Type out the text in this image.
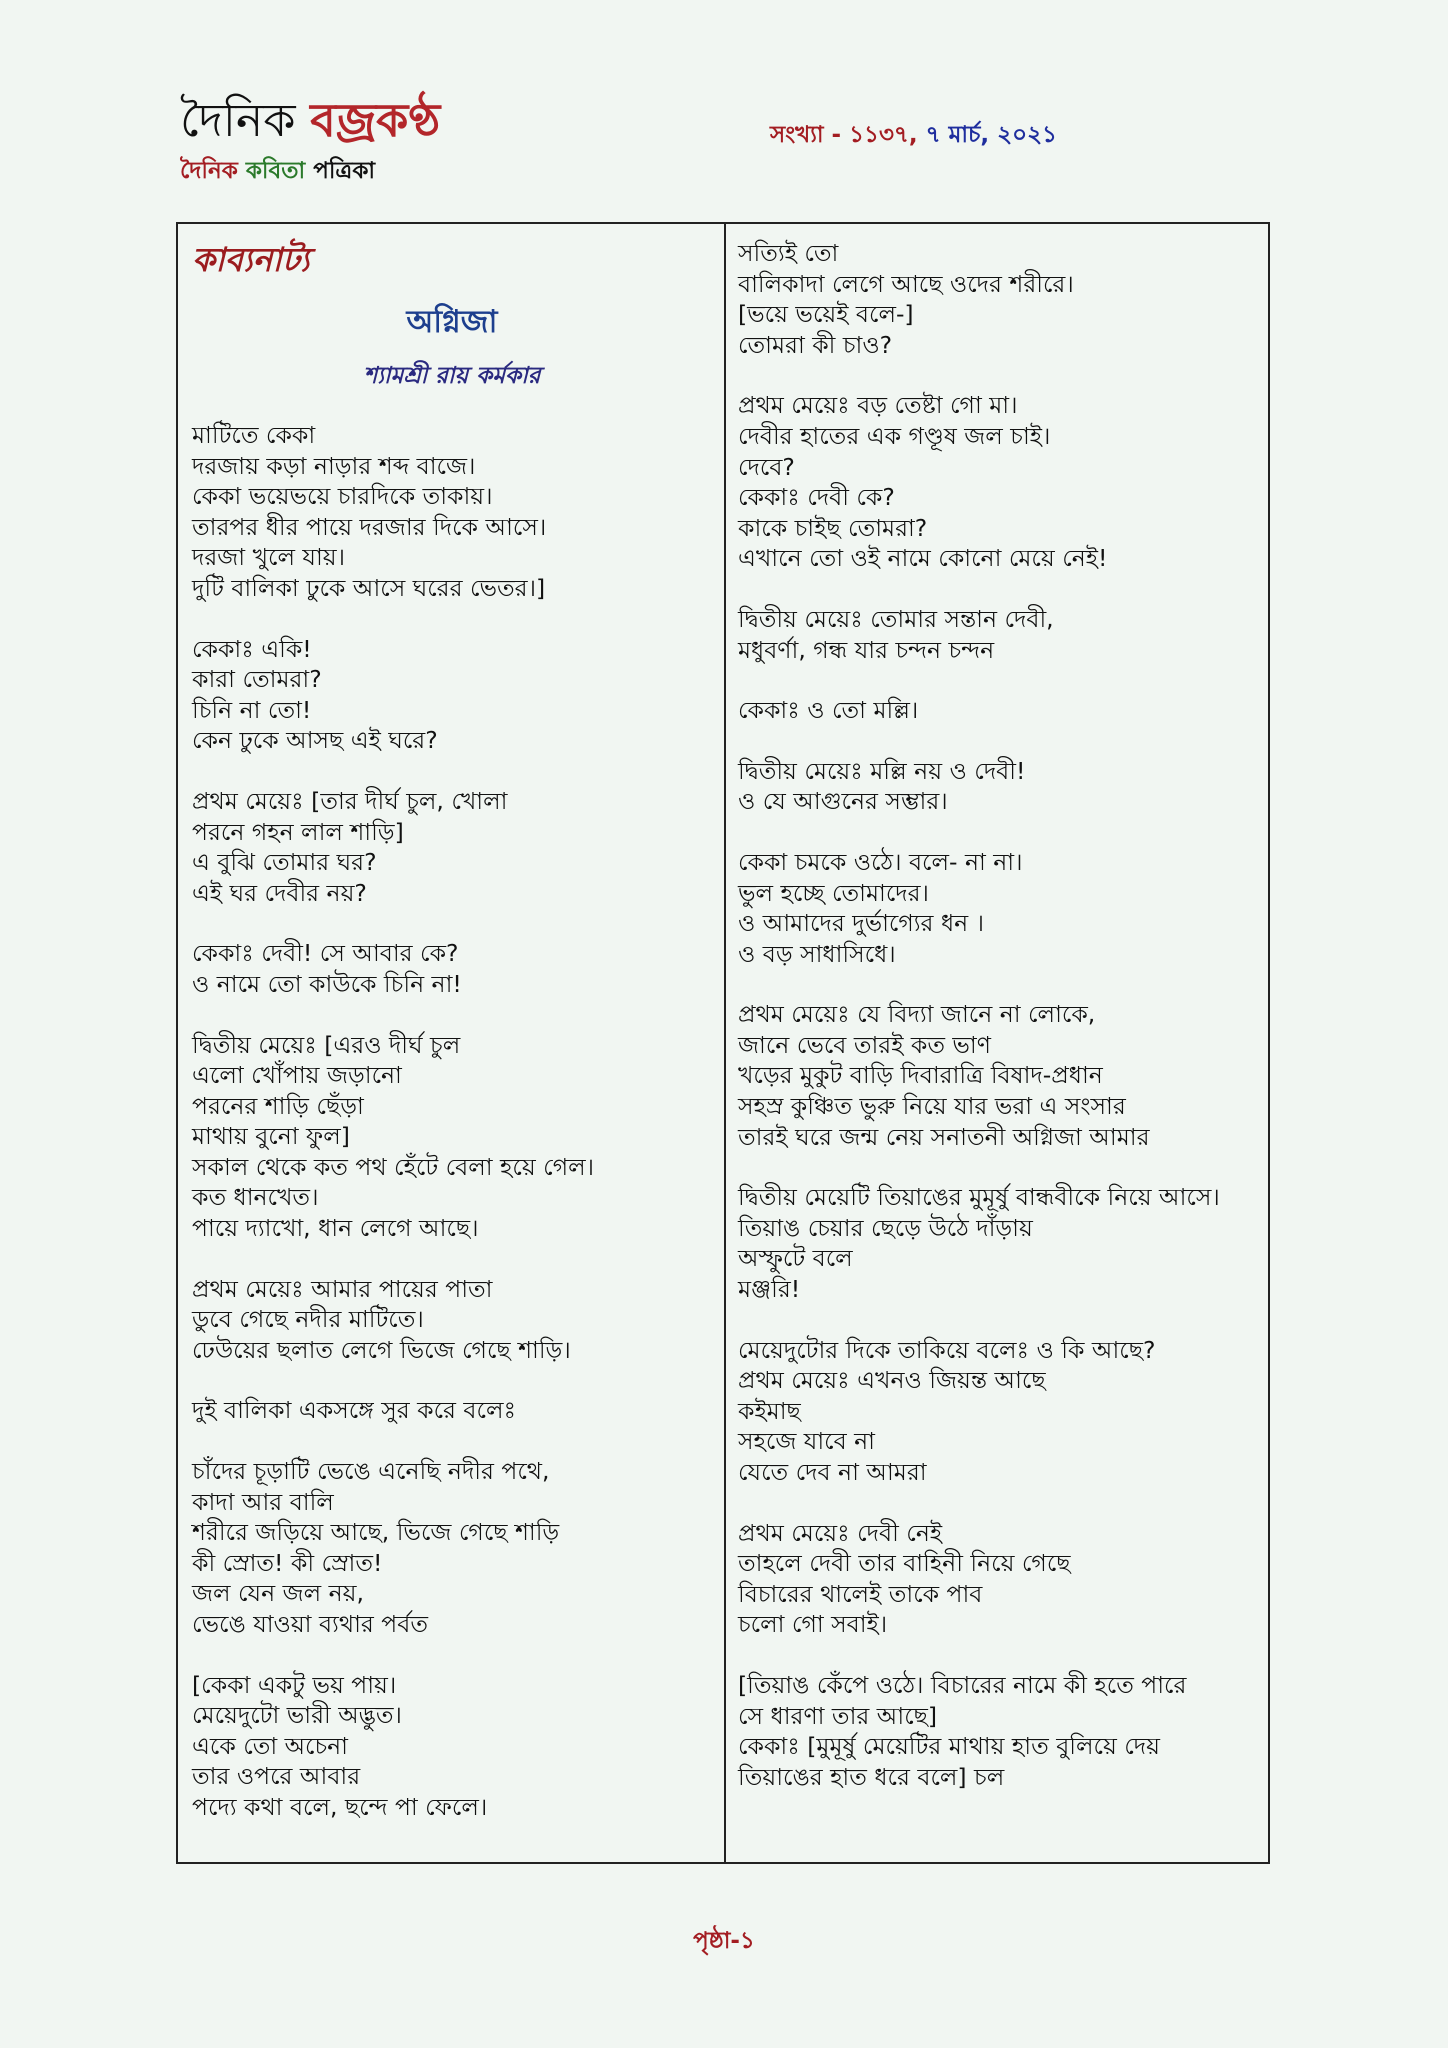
দৈনিক বজ্রকণ্ঠ
দৈনিক কবিতা পত্রিকা
সংখ্যা - ১১৩৭, ৭ মার্চ, ২০২১
কাব্যনাট্য
অগ্নিজা
শ্যামশ্রী রায় কর্মকার
মাটিতে কেকা
দরজায় কড়া নাড়ার শব্দ বাজে।
কেকা ভয়েভয়ে চারদিকে তাকায়।
তারপর ধীর পায়ে দরজার দিকে আসে।
দরজা খুলে যায়।
দুটি বালিকা ঢুকে আসে ঘরের ভেতর।]
কেকাঃ একি!
কারা তোমরা?
চিনি না তো!
কেন ঢুকে আসছ এই ঘরে?
প্রথম মেয়েঃ [তার দীর্ঘ চুল, খোলা
পরনে গহন লাল শাড়ি]
এ বুঝি তোমার ঘর?
এই ঘর দেবীর নয়?
কেকাঃ দেবী! সে আবার কে?
ও নামে তো কাউকে চিনি না!
দ্বিতীয় মেয়েঃ [এরও দীর্ঘ চুল
এলো খোঁপায় জড়ানো
পরনের শাড়ি ছেঁড়া
মাথায় বুনো ফুল]
সকাল থেকে কত পথ হেঁটে বেলা হয়ে গেল।
কত ধানখেত।
পায়ে দ্যাখো, ধান লেগে আছে।
প্রথম মেয়েঃ আমার পায়ের পাতা
ডুবে গেছে নদীর মাটিতে।
ঢেউয়ের ছলাত লেগে ভিজে গেছে শাড়ি।
দুই বালিকা একসঙ্গে সুর করে বলেঃ
চাঁদের চূড়াটি ভেঙে এনেছি নদীর পথে,
কাদা আর বালি
শরীরে জড়িয়ে আছে, ভিজে গেছে শাড়ি
কী স্রোত! কী স্রোত!
জল যেন জল নয়,
ভেঙে যাওয়া ব্যথার পর্বত
[কেকা একটু ভয় পায়।
মেয়েদুটো ভারী অদ্ভুত।
একে তো অচেনা
তার ওপরে আবার
পদ্যে কথা বলে, ছন্দে পা ফেলে।
সত্যিই তো
বালিকাদা লেগে আছে ওদের শরীরে।
[ভয়ে ভয়েই বলে-]
তোমরা কী চাও?
প্রথম মেয়েঃ বড় তেষ্টা গো মা।
দেবীর হাতের এক গণ্ডূষ জল চাই।
দেবে?
কেকাঃ দেবী কে?
কাকে চাইছ তোমরা?
এখানে তো ওই নামে কোনো মেয়ে নেই!
দ্বিতীয় মেয়েঃ তোমার সন্তান দেবী,
মধুবর্ণা, গন্ধ যার চন্দন চন্দন
কেকাঃ ও তো মল্লি।
দ্বিতীয় মেয়েঃ মল্লি নয় ও দেবী!
ও যে আগুনের সম্ভার।
কেকা চমকে ওঠে। বলে- না না।
ভুল হচ্ছে তোমাদের।
ও আমাদের দুর্ভাগ্যের ধন ।
ও বড় সাধাসিধে।
প্রথম মেয়েঃ যে বিদ্যা জানে না লোকে,
জানে ভেবে তারই কত ভাণ
খড়ের মুকুট বাড়ি দিবারাত্রি বিষাদ-প্রধান
সহস্র কুঞ্চিত ভুরু নিয়ে যার ভরা এ সংসার
তারই ঘরে জন্ম নেয় সনাতনী অগ্নিজা আমার
দ্বিতীয় মেয়েটি তিয়াঙের মুমূর্ষু বান্ধবীকে নিয়ে আসে।
তিয়াঙ চেয়ার ছেড়ে উঠে দাঁড়ায়
অস্ফুটে বলে
মঞ্জরি!
মেয়েদুটোর দিকে তাকিয়ে বলেঃ ও কি আছে?
প্রথম মেয়েঃ এখনও জিয়ন্ত আছে
কইমাছ
সহজে যাবে না
যেতে দেব না আমরা
প্রথম মেয়েঃ দেবী নেই
তাহলে দেবী তার বাহিনী নিয়ে গেছে
বিচারের থালেই তাকে পাব
চলো গো সবাই।
[তিয়াঙ কেঁপে ওঠে। বিচারের নামে কী হতে পারে
সে ধারণা তার আছে]
কেকাঃ [মুমূর্ষু মেয়েটির মাথায় হাত বুলিয়ে দেয়
তিয়াঙের হাত ধরে বলে] চল
পৃষ্ঠা-১
